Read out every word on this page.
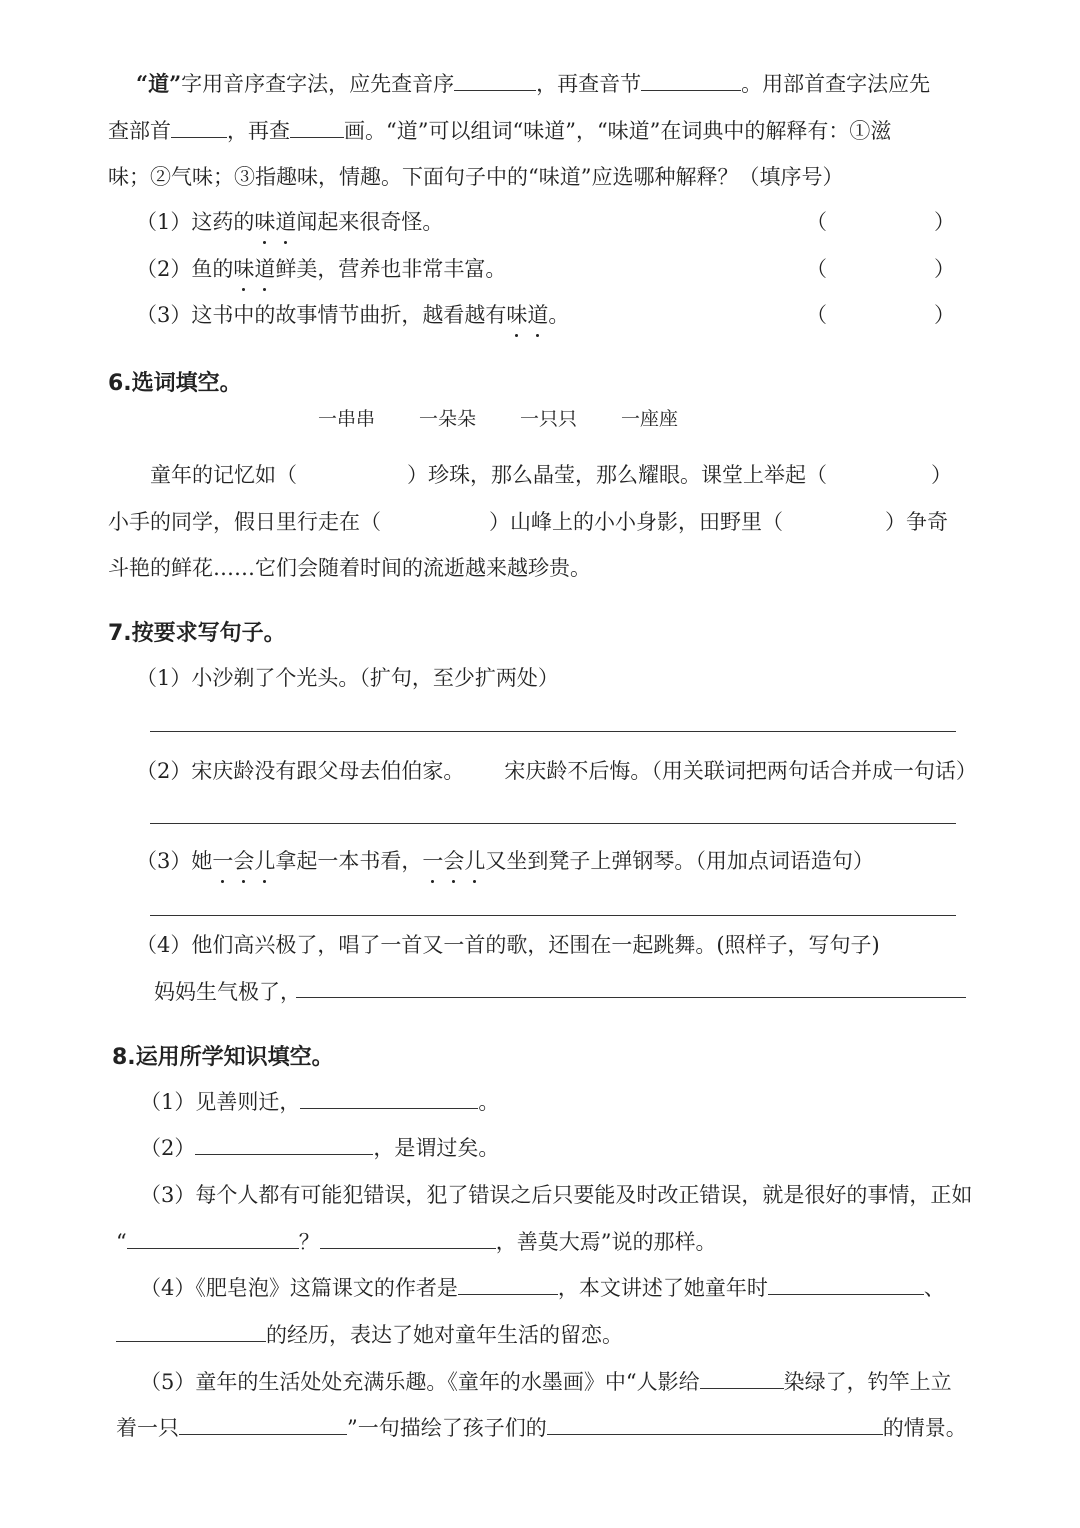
“道”字用音序查字法，应先查音序	，再查音节	。用部首查字法应先
查部首	，再查	画。“道”可以组词“味道”，“味道”在词典中的解释有：①滋
味；②气味；③指趣味，情趣。下面句子中的“味道”应选哪种解释？（填序号）
（1）这药的味道闻起来很奇怪。	（	）
（2）鱼的味道鲜美，营养也非常丰富。	（	）
（3）这书中的故事情节曲折，越看越有味道。	（	）
6.选词填空。
一串串 一朵朵 一只只 一座座
童年的记忆如（	）珍珠，那么晶莹，那么耀眼。课堂上举起（	）
小手的同学，假日里行走在（	）山峰上的小小身影，田野里（	）争奇
斗艳的鲜花……它们会随着时间的流逝越来越珍贵。
7.按要求写句子。
（1）小沙剃了个光头。（扩句，至少扩两处）
（2）宋庆龄没有跟父母去伯伯家。 宋庆龄不后悔。（用关联词把两句话合并成一句话）
（3）她一会儿拿起一本书看，一会儿又坐到凳子上弹钢琴。（用加点词语造句）
（4）他们高兴极了，唱了一首又一首的歌，还围在一起跳舞。(照样子，写句子)
妈妈生气极了，
8.运用所学知识填空。
（1）见善则迁，	。
（2）	，是谓过矣。
（3）每个人都有可能犯错误，犯了错误之后只要能及时改正错误，就是很好的事情，正如
“	？	，善莫大焉”说的那样。
（4）《肥皂泡》这篇课文的作者是	，本文讲述了她童年时	、
的经历，表达了她对童年生活的留恋。
（5）童年的生活处处充满乐趣。《童年的水墨画》中“人影给	染绿了，钓竿上立
着一只	”一句描绘了孩子们的	的情景。
